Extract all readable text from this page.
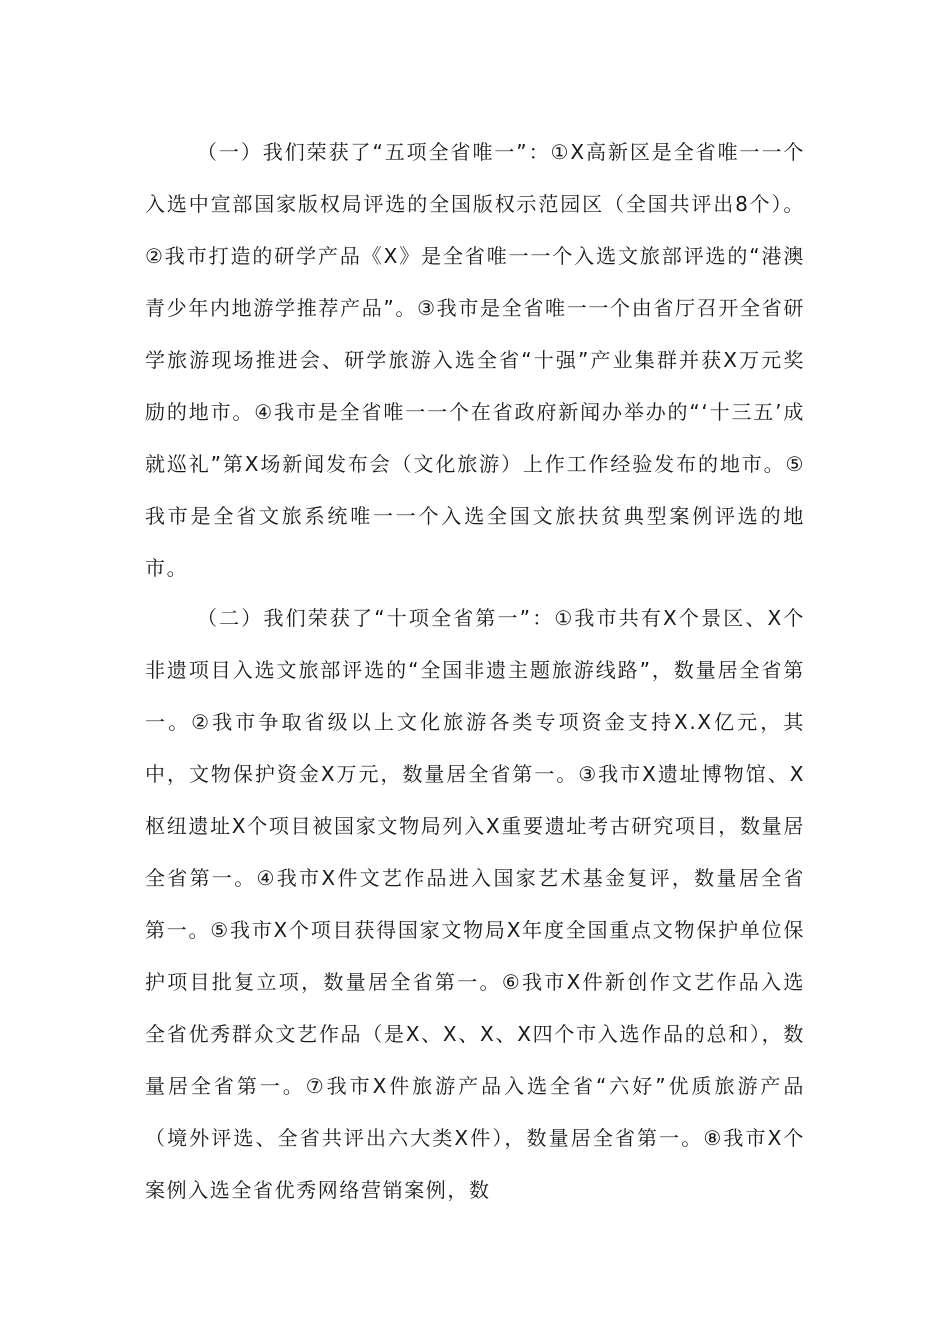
（一）我们荣获了“五项全省唯一”：①X高新区是全省唯一一个入选中宣部国家版权局评选的全国版权示范园区（全国共评出8个）。②我市打造的研学产品《X》是全省唯一一个入选文旅部评选的“港澳青少年内地游学推荐产品”。③我市是全省唯一一个由省厅召开全省研学旅游现场推进会、研学旅游入选全省“十强”产业集群并获X万元奖励的地市。④我市是全省唯一一个在省政府新闻办举办的“‘十三五’成就巡礼”第X场新闻发布会（文化旅游）上作工作经验发布的地市。⑤我市是全省文旅系统唯一一个入选全国文旅扶贫典型案例评选的地市。

（二）我们荣获了“十项全省第一”：①我市共有X个景区、X个非遗项目入选文旅部评选的“全国非遗主题旅游线路”，数量居全省第一。②我市争取省级以上文化旅游各类专项资金支持X.X亿元，其中，文物保护资金X万元，数量居全省第一。③我市X遗址博物馆、X枢纽遗址X个项目被国家文物局列入X重要遗址考古研究项目，数量居全省第一。④我市X件文艺作品进入国家艺术基金复评，数量居全省第一。⑤我市X个项目获得国家文物局X年度全国重点文物保护单位保护项目批复立项，数量居全省第一。⑥我市X件新创作文艺作品入选全省优秀群众文艺作品（是X、X、X、X四个市入选作品的总和），数量居全省第一。⑦我市X件旅游产品入选全省“六好”优质旅游产品（境外评选、全省共评出六大类X件），数量居全省第一。⑧我市X个案例入选全省优秀网络营销案例，数
